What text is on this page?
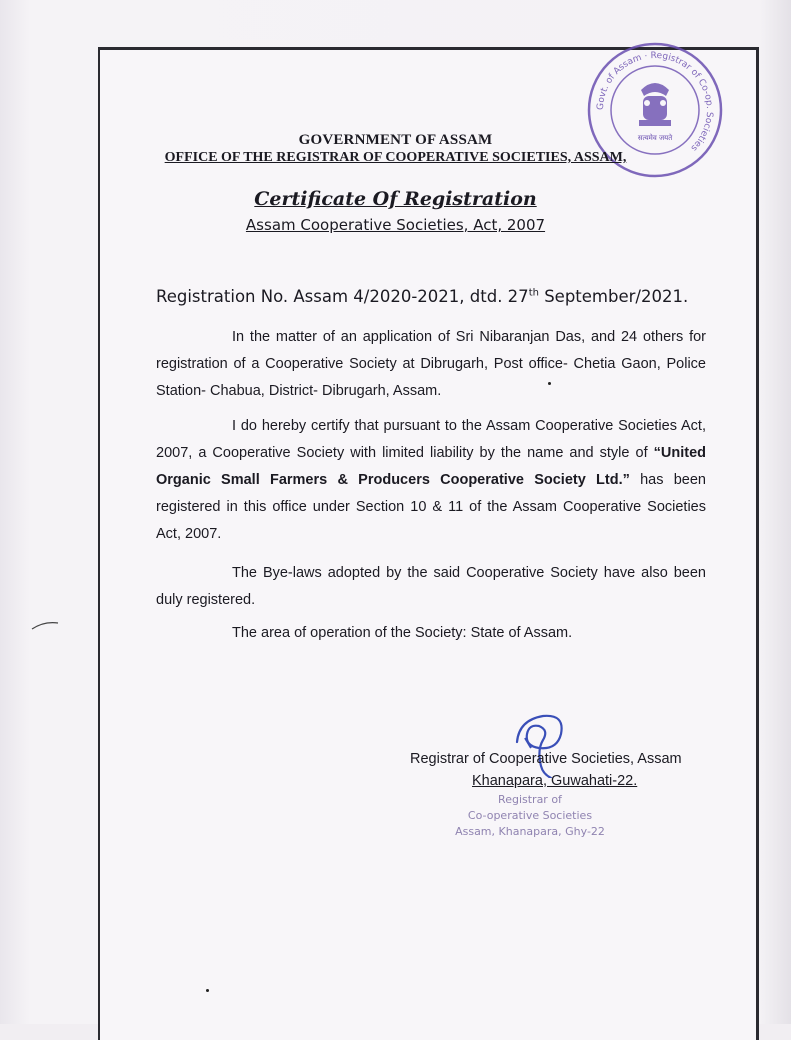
Govt. of Assam · Registrar of Co-op. Societies
सत्यमेव जयते
GOVERNMENT OF ASSAM
OFFICE OF THE REGISTRAR OF COOPERATIVE SOCIETIES, ASSAM,
Certificate Of Registration
Assam Cooperative Societies, Act, 2007
Registration No. Assam 4/2020-2021, dtd. 27th September/2021.
In the matter of an application of Sri Nibaranjan Das, and 24 others for registration of a Cooperative Society at Dibrugarh, Post office- Chetia Gaon, Police Station- Chabua, District- Dibrugarh, Assam.
I do hereby certify that pursuant to the Assam Cooperative Societies Act, 2007, a Cooperative Society with limited liability by the name and style of “United Organic Small Farmers & Producers Cooperative Society Ltd.” has been registered in this office under Section 10 & 11 of the Assam Cooperative Societies Act, 2007.
The Bye-laws adopted by the said Cooperative Society have also been duly registered.
The area of operation of the Society: State of Assam.
Registrar of Cooperative Societies, Assam
Khanapara, Guwahati-22.
Registrar of
Co-operative Societies
Assam, Khanapara, Ghy-22
